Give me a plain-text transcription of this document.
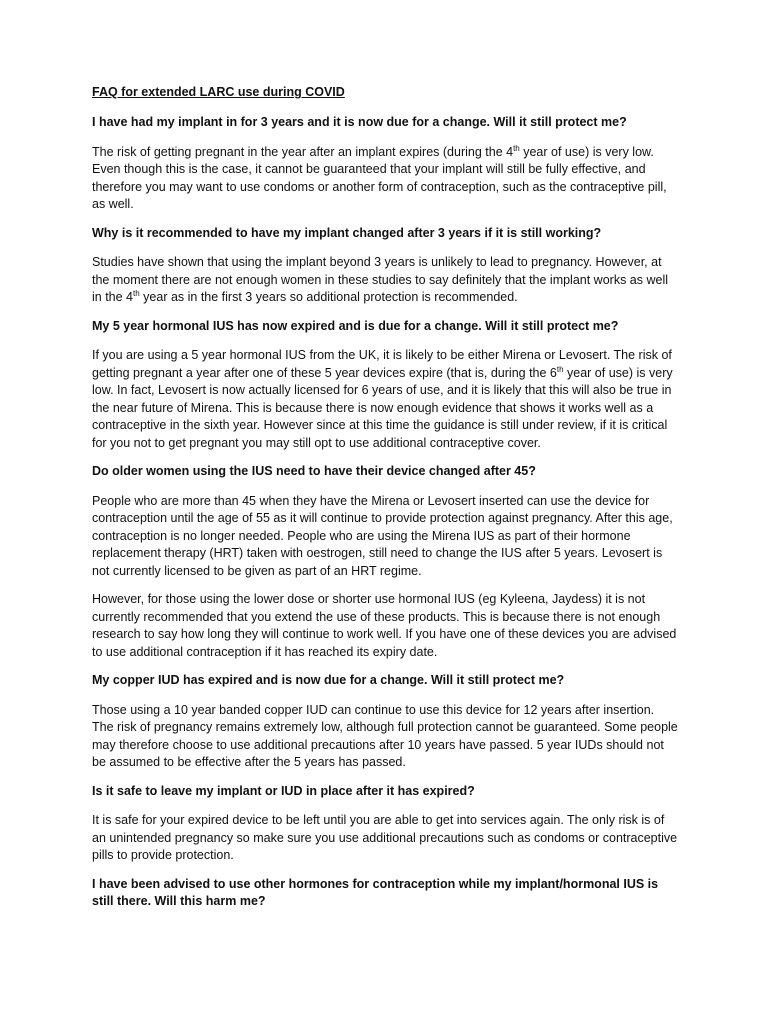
FAQ for extended LARC use during COVID
I have had my implant in for 3 years and it is now due for a change. Will it still protect me?
The risk of getting pregnant in the year after an implant expires (during the 4th year of use) is very low. Even though this is the case, it cannot be guaranteed that your implant will still be fully effective, and therefore you may want to use condoms or another form of contraception, such as the contraceptive pill, as well.
Why is it recommended to have my implant changed after 3 years if it is still working?
Studies have shown that using the implant beyond 3 years is unlikely to lead to pregnancy. However, at the moment there are not enough women in these studies to say definitely that the implant works as well in the 4th year as in the first 3 years so additional protection is recommended.
My 5 year hormonal IUS has now expired and is due for a change. Will it still protect me?
If you are using a 5 year hormonal IUS from the UK, it is likely to be either Mirena or Levosert. The risk of getting pregnant a year after one of these 5 year devices expire (that is, during the 6th year of use) is very low. In fact, Levosert is now actually licensed for 6 years of use, and it is likely that this will also be true in the near future of Mirena. This is because there is now enough evidence that shows it works well as a contraceptive in the sixth year. However since at this time the guidance is still under review, if it is critical for you not to get pregnant you may still opt to use additional contraceptive cover.
Do older women using the IUS need to have their device changed after 45?
People who are more than 45 when they have the Mirena or Levosert inserted can use the device for contraception until the age of 55 as it will continue to provide protection against pregnancy. After this age, contraception is no longer needed. People who are using the Mirena IUS as part of their hormone replacement therapy (HRT) taken with oestrogen, still need to change the IUS after 5 years. Levosert is not currently licensed to be given as part of an HRT regime.
However, for those using the lower dose or shorter use hormonal IUS (eg Kyleena, Jaydess) it is not currently recommended that you extend the use of these products. This is because there is not enough research to say how long they will continue to work well. If you have one of these devices you are advised to use additional contraception if it has reached its expiry date.
My copper IUD has expired and is now due for a change. Will it still protect me?
Those using a 10 year banded copper IUD can continue to use this device for 12 years after insertion. The risk of pregnancy remains extremely low, although full protection cannot be guaranteed. Some people may therefore choose to use additional precautions after 10 years have passed. 5 year IUDs should not be assumed to be effective after the 5 years has passed.
Is it safe to leave my implant or IUD in place after it has expired?
It is safe for your expired device to be left until you are able to get into services again. The only risk is of an unintended pregnancy so make sure you use additional precautions such as condoms or contraceptive pills to provide protection.
I have been advised to use other hormones for contraception while my implant/hormonal IUS is still there. Will this harm me?
